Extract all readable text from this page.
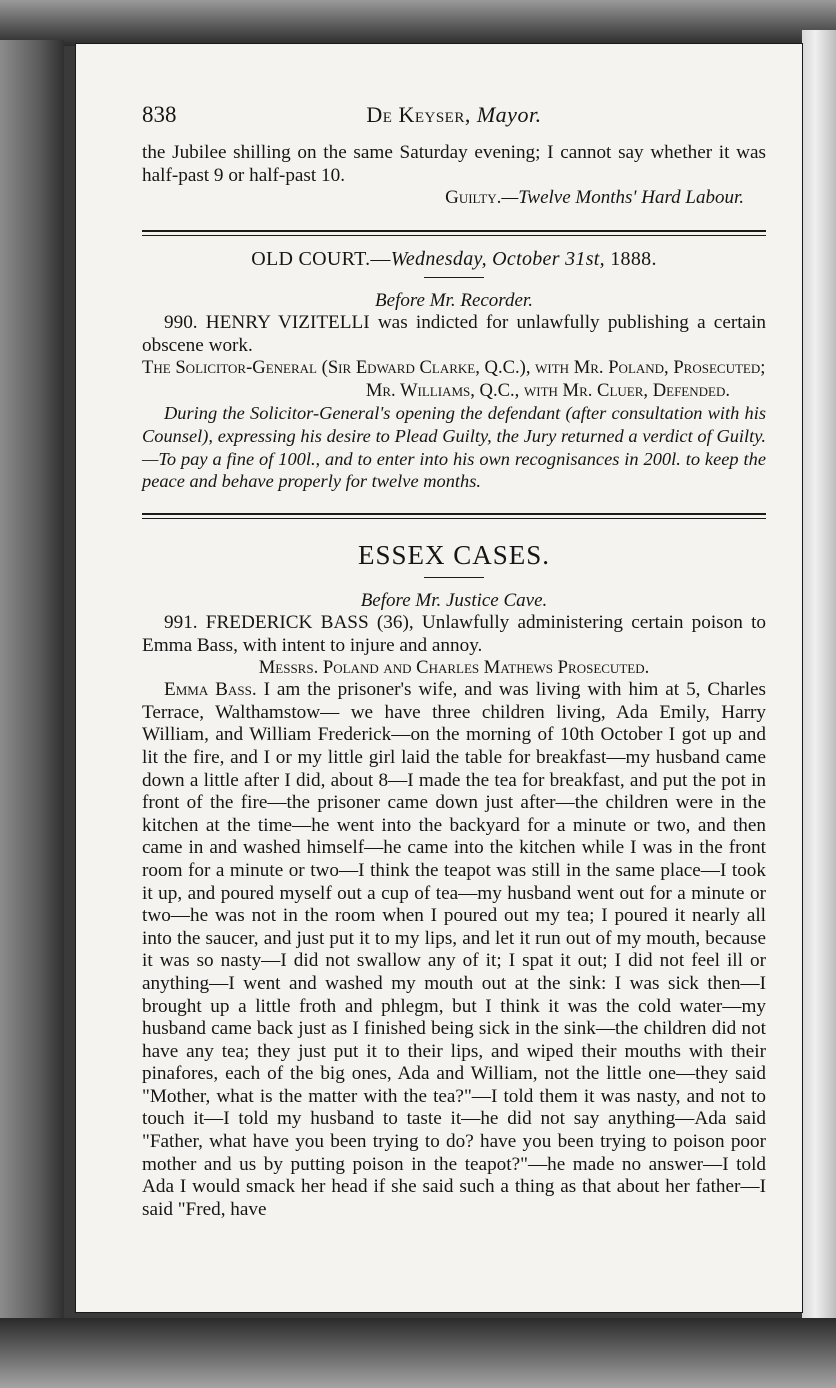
838	De Keyser, Mayor.

the Jubilee shilling on the same Saturday evening; I cannot say whether it was half-past 9 or half-past 10.

Guilty.—Twelve Months' Hard Labour.

OLD COURT.—Wednesday, October 31st, 1888.

Before Mr. Recorder.

990. HENRY VIZITELLI was indicted for unlawfully publishing a certain obscene work.

The Solicitor-General (Sir Edward Clarke, Q.C.), with Mr. Poland, Prosecuted;

Mr. Williams, Q.C., with Mr. Cluer, Defended.

During the Solicitor-General's opening the defendant (after consultation with his Counsel), expressing his desire to Plead Guilty, the Jury returned a verdict of Guilty.—To pay a fine of 100l., and to enter into his own recognisances in 200l. to keep the peace and behave properly for twelve months.

ESSEX CASES.

Before Mr. Justice Cave.

991. FREDERICK BASS (36), Unlawfully administering certain poison to Emma Bass, with intent to injure and annoy.

Messrs. Poland and Charles Mathews Prosecuted.

Emma Bass. I am the prisoner's wife, and was living with him at 5, Charles Terrace, Walthamstow— we have three children living, Ada Emily, Harry William, and William Frederick—on the morning of 10th October I got up and lit the fire, and I or my little girl laid the table for breakfast—my husband came down a little after I did, about 8—I made the tea for breakfast, and put the pot in front of the fire—the prisoner came down just after—the children were in the kitchen at the time—he went into the backyard for a minute or two, and then came in and washed himself—he came into the kitchen while I was in the front room for a minute or two—I think the teapot was still in the same place—I took it up, and poured myself out a cup of tea—my husband went out for a minute or two—he was not in the room when I poured out my tea; I poured it nearly all into the saucer, and just put it to my lips, and let it run out of my mouth, because it was so nasty—I did not swallow any of it; I spat it out; I did not feel ill or anything—I went and washed my mouth out at the sink: I was sick then—I brought up a little froth and phlegm, but I think it was the cold water—my husband came back just as I finished being sick in the sink—the children did not have any tea; they just put it to their lips, and wiped their mouths with their pinafores, each of the big ones, Ada and William, not the little one—they said "Mother, what is the matter with the tea?"—I told them it was nasty, and not to touch it—I told my husband to taste it—he did not say anything—Ada said "Father, what have you been trying to do? have you been trying to poison poor mother and us by putting poison in the teapot?"—he made no answer—I told Ada I would smack her head if she said such a thing as that about her father—I said "Fred, have
